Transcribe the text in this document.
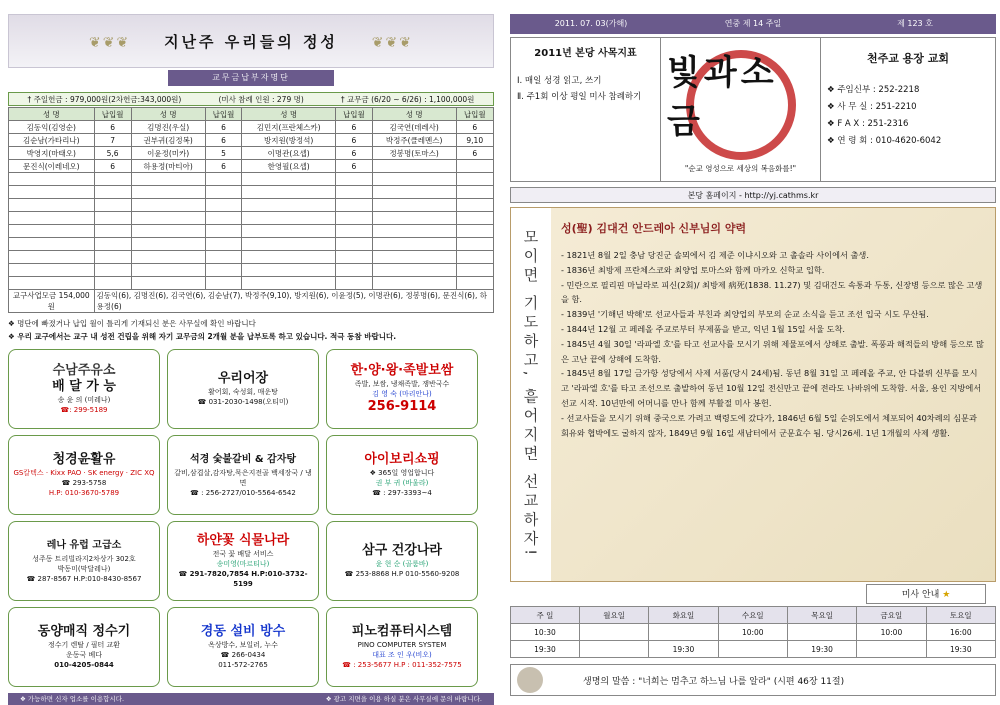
❦❦❦ 지난주 우리들의 정성 ❦❦❦
교무금납부자명단
† 주일헌금 : 979,000원(2차헌금:343,000원)	(미사 참례 인원 : 279 명)	† 교무금 (6/20 ~ 6/26) : 1,100,000원
성 명	납입월	성 명	납입월	성 명	납입월	성 명	납입월
김동익(김영순)	6	김명진(우실)	6	김민지(프란체스카)	6	김국연(데레사)	6
김순남(가타리나)	7	권부귀(김정복)	6	방지원(방정석)	6	박정주(클레멘스)	9,10
박영지(마태오)	5,6	이윤정(미카)	5	이명관(요셉)	6	정봉명(토마스)	6
문진식(이레네오)	6	하용정(마티아)	6	한영필(요셉)	6		

교구사업모금 154,000원	김동익(6), 김명진(6), 김국연(6), 김순남(7), 박정주(9,10), 방지원(6), 이윤정(5), 이명관(6), 정봉명(6), 문진식(6), 하용정(6)						
❖ 명단에 빠졌거나 납입 월이 틀리게 기재되신 분은 사무실에 확인 바랍니다
❖ 우리 교구에서는 교구 내 성전 건립을 위해 자기 교무금의 2개월 분을 납부토록 하고 있습니다. 적극 동참 바랍니다.
수남주유소
배 달 가 능
송 윤 의 (미레나)
☎: 299-5189
우리어장
활어회, 숙성회, 매운탕
☎ 031-2030-1498(오티미)
한·양·왕·족발보쌈
족발, 보쌈, 냉채족발, 쟁반국수
김 영 숙 (마리안나)
256-9114
청경윤활유
GS칼텍스 · Kixx PAO · SK energy · ZIC XQ
☎ 293-5758
H.P: 010-3670-5789
석경 숯불갈비 & 감자탕
갈비,삼겹살,감자탕,묵은지전골 백세장국 / 냉면
☎ : 256-2727/010-5564-6542
아이보리쇼핑
❖ 365일 영업합니다
권 부 귀 (바울라)
☎ : 297-3393~4
레나 유럽 고급소
성주동 트리빌라지2차상가 302호
박동미(막달레나)
☎ 287-8567 H.P:010-8430-8567
하얀꽃 식물나라
전국 꽃 배달 서비스
송미영(마르티나)
☎ 291-7820,7854 H.P:010-3732-5199
삼구 건강나라
윤 현 순 (골룸바)
☎ 253-8868 H.P 010-5560-9208
동양매직 정수기
정수기 렌탈 / 필터 교환
운동국 베다
010-4205-0844
경동 설비 방수
옥상방수, 보일러, 누수
☎ 266-0434
011-572-2765
피노컴퓨터시스템
PINO COMPUTER SYSTEM
대표 조 인 우(비오)
☎ : 253-5677 H.P : 011-352-7575
❖ 가능하면 신자 업소를 이용합시다.	❖ 광고 지면을 이용 하실 분은 사무실에 문의 바랍니다.
2011. 07. 03(가해)	연중 제 14 주일	제 123 호
2011년 본당 사목지표
Ⅰ. 매일 성경 읽고, 쓰기
Ⅱ. 주1회 이상 평일 미사 참례하기
빛과소금
"순교 영성으로 세상의 복음화를!"
천주교 용장 교회
❖ 주임신부 : 252-2218
❖ 사 무 실 : 251-2210
❖ F A X : 251-2316
❖ 연 령 회 : 010-4620-6042
본당 홈페이지 - http://yj.cathms.kr
모이면 기도하고, 흩어지면 선교하자!
성(聖) 김대건 안드레아 신부님의 약력

- 1821년 8월 2일 충남 당진군 솔뫼에서 김 제준 이냐시오와 고 촐솔라 사이에서 출생.

- 1836년 최방제 프란체스코와 최양업 토마스와 함께 마카오 신학교 입학.

- 민란으로 필리핀 마닐라로 피신(2회)/ 최방제 病死(1838. 11.27) 및 김대건도 속통과 두통, 신장병 등으로 많은 고생을 함.

- 1839년 '기해년 박해'로 선교사들과 부친과 최양업의 부모의 순교 소식을 듣고 조선 입국 시도 무산됨.

- 1844년 12월 고 페레올 주교로부터 부제품을 받고, 익년 1월 15일 서울 도착.

- 1845년 4월 30일 '라파엘 호'를 타고 선교사를 모시기 위해 제물포에서 상해로 출발. 폭풍과 해적들의 방해 등으로 많은 고난 끝에 상해에 도착함.

- 1845년 8월 17일 금가항 성당에서 사제 서품(당시 24세)됨. 동년 8월 31일 고 페레올 주교, 안 다블뤼 신부를 모시고 '라파엘 호'를 타고 조선으로 출발하여 동년 10월 12일 전신만고 끝에 전라도 나바위에 도착함. 서울, 용인 지방에서 선교 시작. 10년만에 어머니를 만나 함께 부활절 미사 봉헌.

- 선교사들을 모시기 위해 중국으로 가려고 백령도에 갔다가, 1846년 6월 5일 순위도에서 체포되어 40차례의 심문과 회유와 협박에도 굴하지 않자, 1849년 9월 16일 새남터에서 군문효수 됨. 당시26세. 1년 1개월의 사제 생활.

미사 안내 ★
주 일	월요일	화요일	수요일	목요일	금요일	토요일
10:30			10:00		10:00	16:00
19:30		19:30		19:30		19:30
생명의 말씀 : "너희는 멈추고 하느님 나를 알라" (시편 46장 11절)
